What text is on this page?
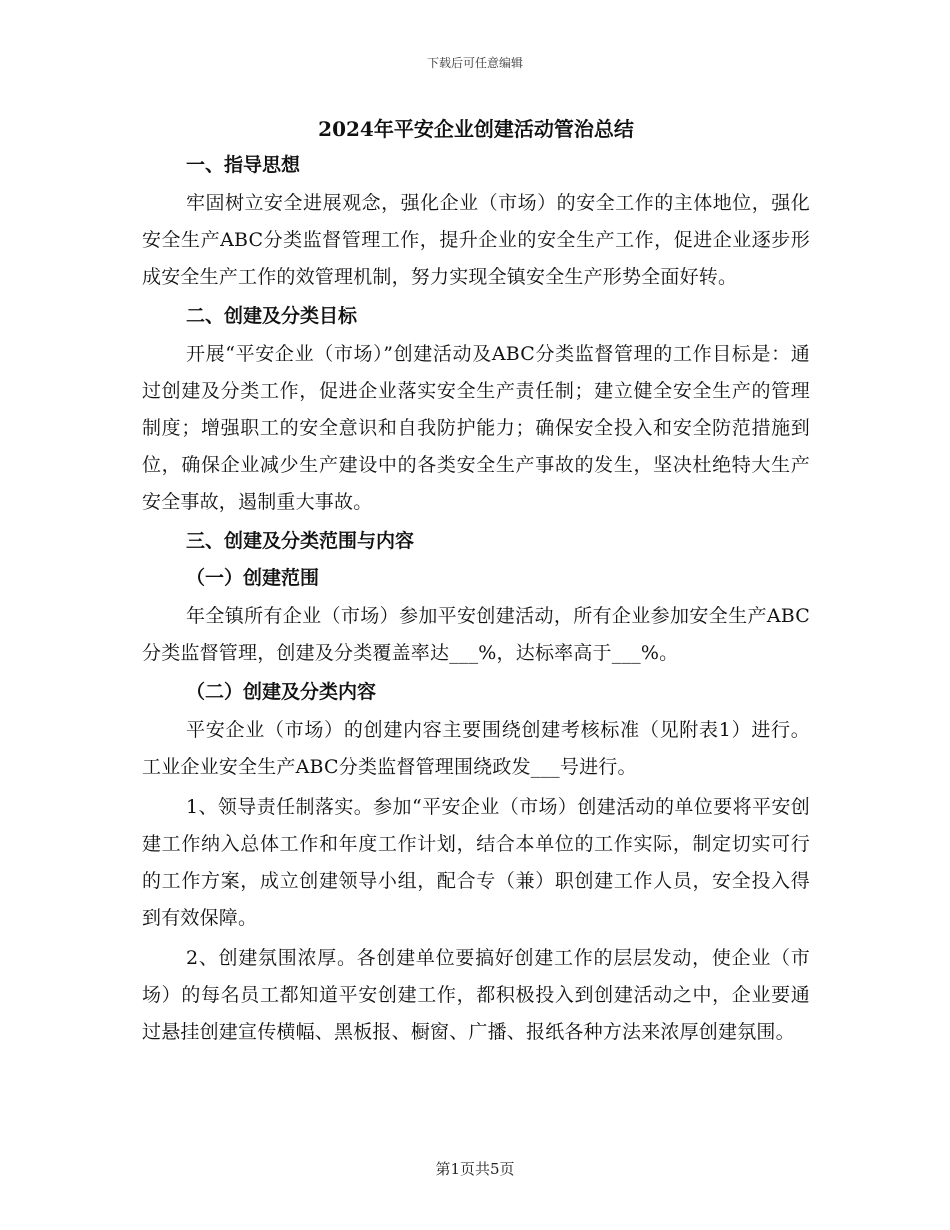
下载后可任意编辑
2024年平安企业创建活动管治总结
一、指导思想
牢固树立安全进展观念，强化企业（市场）的安全工作的主体地位，强化安全生产ABC分类监督管理工作，提升企业的安全生产工作，促进企业逐步形成安全生产工作的效管理机制，努力实现全镇安全生产形势全面好转。
二、创建及分类目标
开展“平安企业（市场）”创建活动及ABC分类监督管理的工作目标是：通过创建及分类工作，促进企业落实安全生产责任制；建立健全安全生产的管理制度；增强职工的安全意识和自我防护能力；确保安全投入和安全防范措施到位，确保企业减少生产建设中的各类安全生产事故的发生，坚决杜绝特大生产安全事故，遏制重大事故。
三、创建及分类范围与内容
（一）创建范围
年全镇所有企业（市场）参加平安创建活动，所有企业参加安全生产ABC分类监督管理，创建及分类覆盖率达___%，达标率高于___%。
（二）创建及分类内容
平安企业（市场）的创建内容主要围绕创建考核标准（见附表1）进行。工业企业安全生产ABC分类监督管理围绕政发___号进行。
1、领导责任制落实。参加“平安企业（市场）创建活动的单位要将平安创建工作纳入总体工作和年度工作计划，结合本单位的工作实际，制定切实可行的工作方案，成立创建领导小组，配合专（兼）职创建工作人员，安全投入得到有效保障。
2、创建氛围浓厚。各创建单位要搞好创建工作的层层发动，使企业（市场）的每名员工都知道平安创建工作，都积极投入到创建活动之中，企业要通过悬挂创建宣传横幅、黑板报、橱窗、广播、报纸各种方法来浓厚创建氛围。
第1页共5页
